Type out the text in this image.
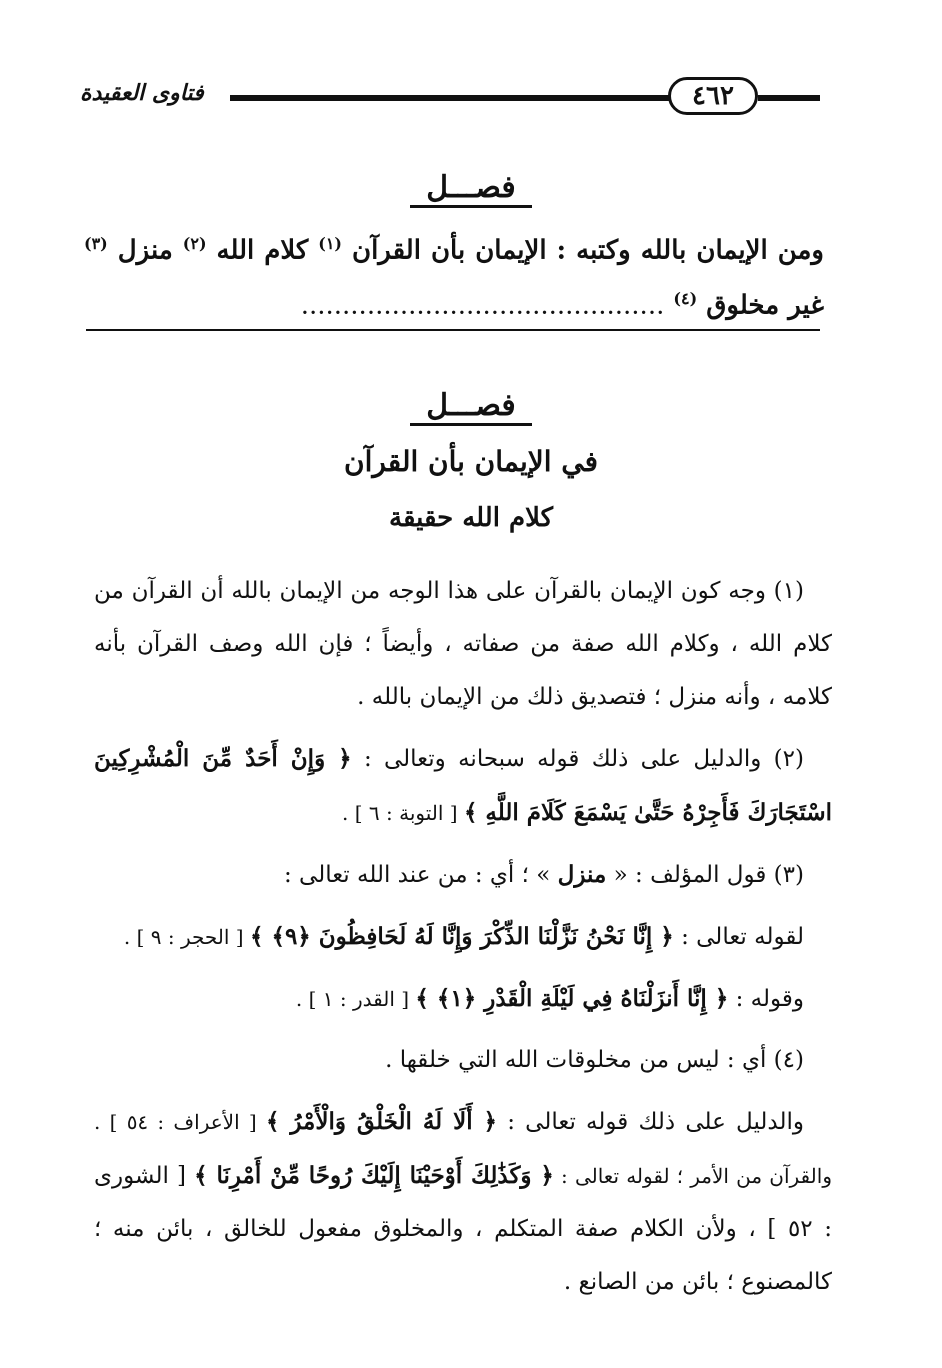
٤٦٢
فتاوى العقيدة
فصـــل
ومن الإيمان بالله وكتبه : الإيمان بأن القرآن $^{(١)}$ كلام الله $^{(٢)}$ منزل $^{(٣)}$ غير مخلوق $^{(٤)}$ ............................................
فصـــل
في الإيمان بأن القرآن
كلام الله حقيقة

(١) وجه كون الإيمان بالقرآن على هذا الوجه من الإيمان بالله أن القرآن من كلام الله ، وكلام الله صفة من صفاته ، وأيضاً ؛ فإن الله وصف القرآن بأنه كلامه ، وأنه منزل ؛ فتصديق ذلك من الإيمان بالله .

(٢) والدليل على ذلك قوله سبحانه وتعالى : ﴿ وَإِنْ أَحَدٌ مِّنَ الْمُشْرِكِينَ اسْتَجَارَكَ فَأَجِرْهُ حَتَّىٰ يَسْمَعَ كَلَامَ اللَّهِ ﴾ [ التوبة : ٦ ] .

(٣) قول المؤلف : « منزل » ؛ أي : من عند الله تعالى :

لقوله تعالى : ﴿ إِنَّا نَحْنُ نَزَّلْنَا الذِّكْرَ وَإِنَّا لَهُ لَحَافِظُونَ ﴿٩﴾ ﴾ [ الحجر : ٩ ] .

وقوله : ﴿ إِنَّا أَنزَلْنَاهُ فِي لَيْلَةِ الْقَدْرِ ﴿١﴾ ﴾ [ القدر : ١ ] .

(٤) أي : ليس من مخلوقات الله التي خلقها .

والدليل على ذلك قوله تعالى : ﴿ أَلَا لَهُ الْخَلْقُ وَالْأَمْرُ ﴾ [ الأعراف : ٥٤ ] . والقرآن من الأمر ؛ لقوله تعالى : ﴿ وَكَذَٰلِكَ أَوْحَيْنَا إِلَيْكَ رُوحًا مِّنْ أَمْرِنَا ﴾ [ الشورى : ٥٢ ] ، ولأن الكلام صفة المتكلم ، والمخلوق مفعول للخالق ، بائن منه ؛ كالمصنوع ؛ بائن من الصانع .
